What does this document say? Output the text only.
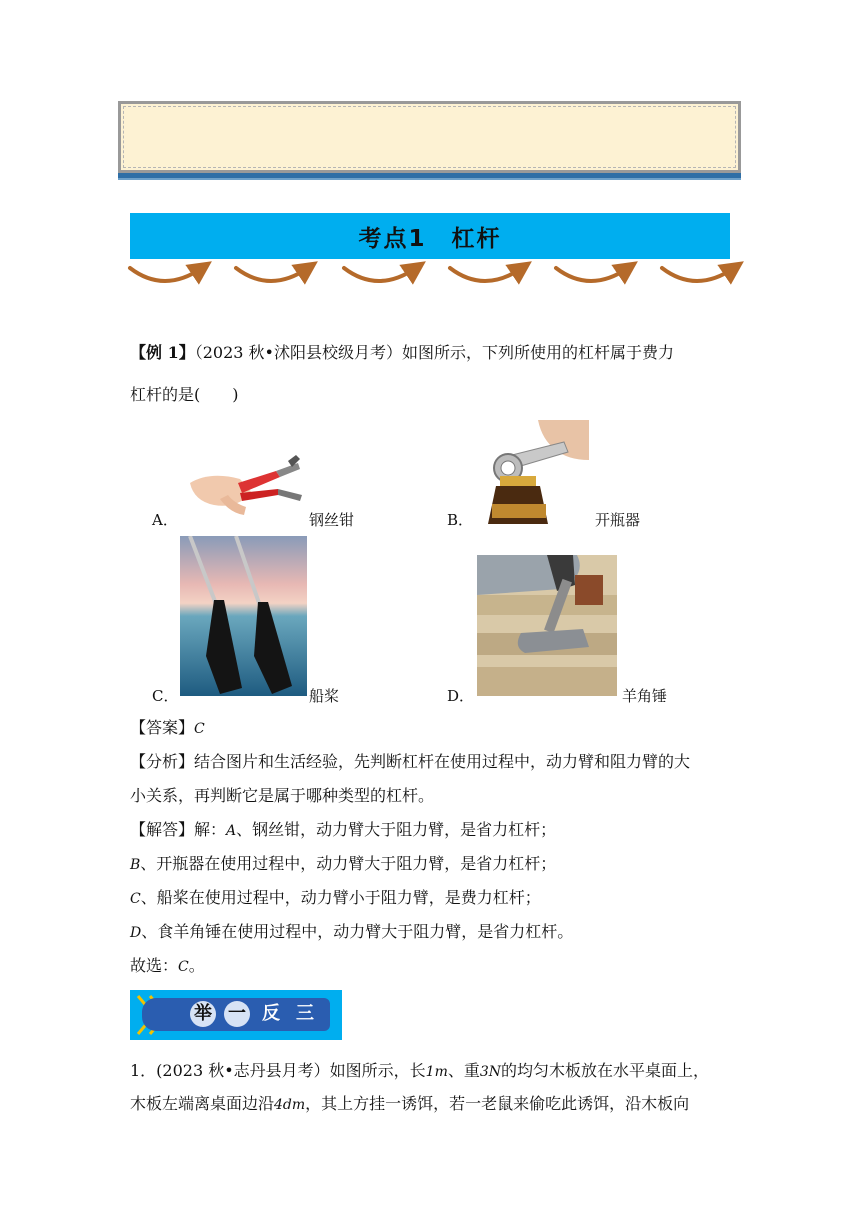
考点1　杠杆
【例 1】（2023 秋•沭阳县校级月考）如图所示，下列所使用的杠杆属于费力
杠杆的是(　　)
A．	钢丝钳	B．	开瓶器
C．	船桨	D．	羊角锤
【答案】C
【分析】结合图片和生活经验，先判断杠杆在使用过程中，动力臂和阻力臂的大
小关系，再判断它是属于哪种类型的杠杆。
【解答】解：A、钢丝钳，动力臂大于阻力臂，是省力杠杆；
B、开瓶器在使用过程中，动力臂大于阻力臂，是省力杠杆；
C、船桨在使用过程中，动力臂小于阻力臂，是费力杠杆；
D、食羊角锤在使用过程中，动力臂大于阻力臂，是省力杠杆。
故选：C。
举 一 反 三
1．(2023 秋•志丹县月考）如图所示，长1m、重3N的均匀木板放在水平桌面上，
木板左端离桌面边沿4dm，其上方挂一诱饵，若一老鼠来偷吃此诱饵，沿木板向
